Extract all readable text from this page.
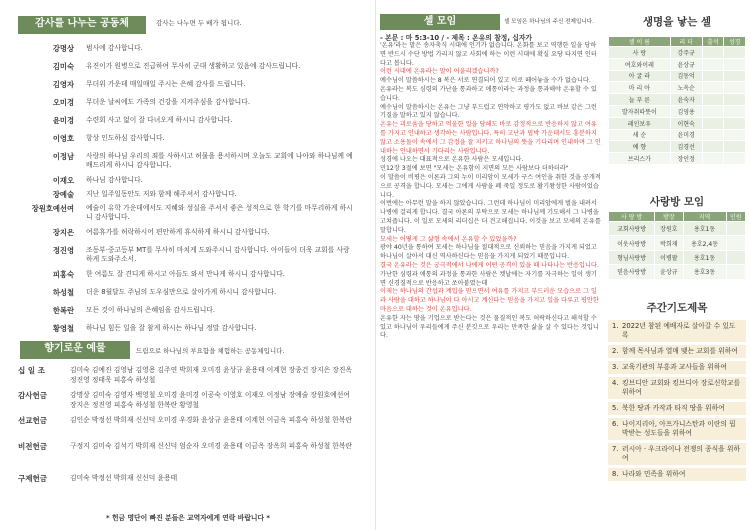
감사를 나누는 공동체	감사는 나누면 두 배가 됩니다.
강명상 범사에 감사합니다.
김미숙 유진이가 원병으로 진급하여 무사히 군대 생활하고 있음에 감사드립니다.
김영자 무더위 가운데 매일매일 주시는 은혜 감사를 드립니다.
오미경 무더운 날씨에도 가족의 건강을 지켜주심을 감사합니다.
윤미경 수련회 사고 없이 잘 다녀오게 하시니 감사합니다.
이영호 항상 인도하심 감사합니다.
이정남 사랑의 하나님 우리의 죄를 사하시고 허물을 용서하시며 오늘도 교회에 나아와 하나님께 예배드리게 하시니 감사합니다.
이재오 하나님 감사합니다.
장예술 지난 일주일동안도 저와 함께 해주셔서 감사합니다.
장원호예선여 예술이 유학 가운데에서도 지혜와 성실을 주셔서 좋은 성적으로 한 학기를 마무리하게 하시니 감사합니다.
장지은 여름휴가를 허락하시어 편안하게 휴식하게 하시니 감사합니다.
정진영 조동부·중고등부 MT를 무사히 마치게 도와주시니 감사합니다. 아이들이 더욱 교회를 사랑하게 도와주소서.
피홍숙 한 여름도 잘 견디게 하시고 아들도 와서 만나게 하시니 감사합니다.
하성철 더운 8월달도 주님의 도우심만으로 살아가게 하시니 감사합니다.
한복란 모든 것이 하나님의 은혜임을 감사드립니다.
황영철 하나님 힘든 일을 잘 참게 하시는 하나님 정말 감사합니다.
향기로운 예물	드림으로 하나님의 부요함을 체험하는 공동체입니다.
십 일 조	김미숙 김예진 김영남 김영용 김주연 박희재 오미경 윤상규 윤용태 이계현 장종건 장지은 장진옥 정진영 정태욱 피홍숙 하성철
감사헌금	강명상 김미숙 김영자 백영철 오미경 윤미경 이공숙 이영호 이재오 이정남 장예술 장원호예선여 장지은 정진영 피홍숙 하성철 한복란 황영철
선교헌금	김인순 박정선 박희재 신신덕 오미경 우경화 윤상규 윤용태 이계현 이금옥 피홍숙 하성철 한복란
비전헌금	구정지 김미숙 김석기 박희재 신신덕 엄순자 오미경 윤용태 이금옥 장옥희 피홍숙 하성철 한복란
구제헌금	김미숙 박정선 박희재 신신덕 윤용태
* 헌금 명단이 빠진 분들은 교역자에게 연락 바랍니다 *
셀 모임	셀 모임은 하나님의 주신 전제입니다.
- 본문 : 마 5:3-10 / - 제목 : 온유의 참정, 십자가

'온유'라는 말은 송자축식 시대에 인기가 없습니다. 온화를 보고 역행한 일을 당하면 반드시 수단 방법 가리지 않고 사회에 하는 이런 시대에 확실 요당 타지면 인터다고 봅니다.

이런 시대에 온유라는 말이 어울리겠습니까?

예수님이 말씀하시는 8 복은 서로 연결되어 있고 이로 떼어놓을 수가 없습니다.

온유라는 복도 심령의 가난을 통과하고 애통이라는 과정을 통과해야 온유할 수 있습니다.

예수님이 말씀하시는 온유는 그냥 부드럽고 연약하고 평가도 없고 바보 같은 그런 기질을 말하고 있지 않습니다.

온유는 괴로움을 당하고 억울한 일을 당해도 바로 감정적으로 반응하지 않고 여유를 가지고 인내하고 생각하는 사람입니다. 특히 고난과 핍박 가운데서도 흥분하지 않고 소용돌이 속에서 그 감정을 잘 지키고 하나님의 뜻을 기다리며 인내하며 그 인내하는 인내하면서 기다리는 사람입니다.

성경에 나오는 대표적으로 온유한 사람은 모세입니다.

민12장 3절에 보면 "모세는 온유함이 지면의 모든 사람보다 더하더라"

이 말씀이 비평은 이론과 그의 누이 미리암이 모세가 구스 여인을 취한 것을 공개적으로 공격을 합니다. 모세는 그에게 사람을 폐 죽일 정도로 활기왕성한 사람이었습니다.

이번에는 아무런 말을 하지 않았습니다. 그런데 하나님이 미리암에게 벌을 내려서 나병에 걸리게 합니다. 결국 아론의 부탁으로 모세는 하나님께 기도해서 그 나병을 고쳐줍니다. 이 일로 모세의 리더십은 더 견고해집니다. 이것을 보고 모세의 온유를 말합니다.

모세는 어떻게 그 삶형 속에서 온유할 수 있었을까?

광야 40년을 통하여 모세는 하나님을 절대적으로 신뢰하는 믿음을 가지게 되었고 하나님이 살아서 대신 역사하신다는 믿음을 가지게 되었기 때문입니다.

결국 온유라는 것은 궁극적에서 나에게 어떤 공격이 있을 때 나타나는 반응입니다.

가난한 심령과 애통의 과정을 통과한 사람은 켓날에는 자기를 자극하는 일이 생기면 신경질적으로 반응하고 쏘아붙였는데

이제는 하나님의 간섭과 계입을 믿으면서 여유를 가지고 부드러운 모습으로 그 일과 사람을 대하고 하나님이 다 아시고 계신다는 믿음을 가지고 일을 다루고 평안한 마음으로 대하는 것이 온유입니다.

온유한 자는 땅을 기업으로 받는다는 것은 물질적인 복도 허락하신다고 해석할 수 있고 하나님이 우리들에게 주신 분깃으로 우리는 만족한 삶을 살 수 있다는 것입니다.

생명을 낳는 셀
셀 이 름	리 더	출석	성경
사 랑	강주규		
여호와이레	윤상규		
아 굴 라	김동억		
마 리 아	노옥순		
늘 푸 른	윤숙자		
발자취따뜻이	김영용		
레인보우	이현숙		
새 순	윤미경		
예 향	김경선		
브리스가	장인정		
사랑방 모임
사 랑 방	방장	지역	인원
교회사랑방	장원호	용호1동	
이웃사랑방	박희재	용호2,4동	
형님사랑방	이병팔	용호1동	
믿음사랑방	윤상규	용호3동	
주간기도제목
1. 2022년 참된 예배자로 살아갈 수 있도록
2. 함께 목사님과 열매 맺는 교회를 위하여
3. 교육기관의 부흥과 교사들을 위하여
4. 킹브디안 교회와 킹브디아 장로신학교를 위하여
5. 북한 땅과 카작과 타직 땅을 위하여
6. 나이지리아, 아프가니스탄과 이란의 핍박받는 성도들을 위하여
7. 러시아 · 우크라이나 전쟁의 종식을 위하여
8. 나라와 민족을 위하여
